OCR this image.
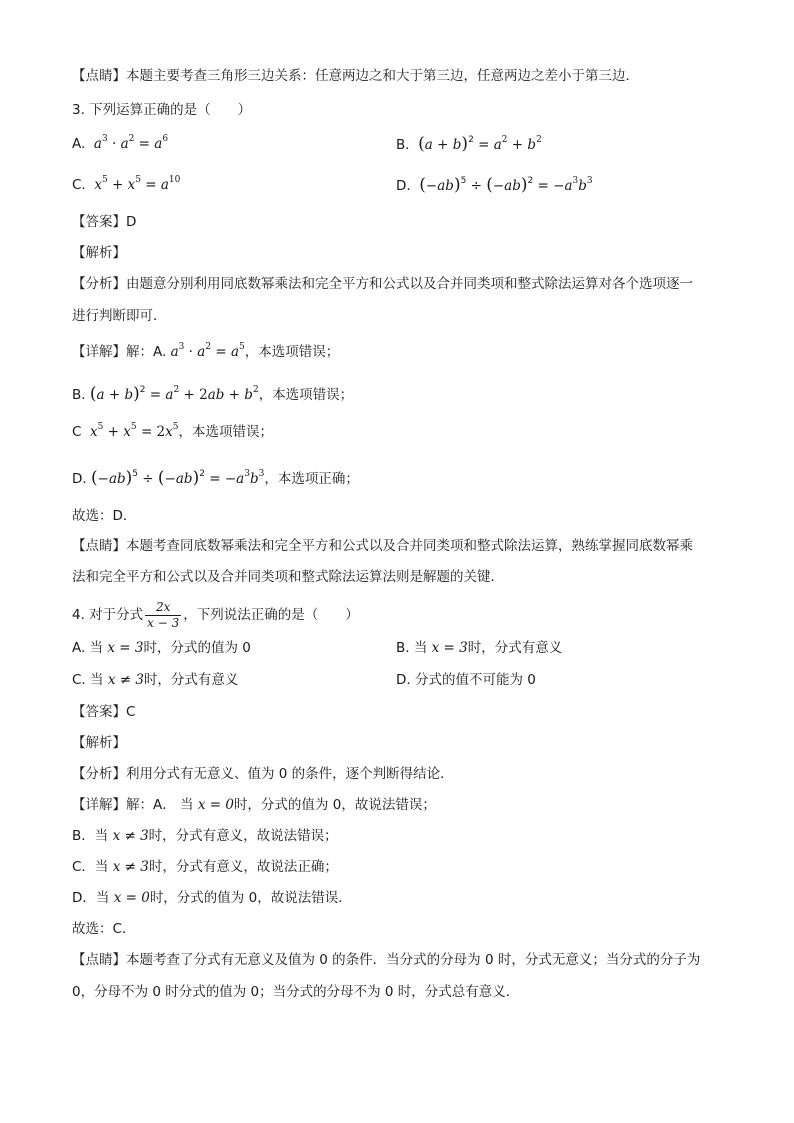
【点睛】本题主要考查三角形三边关系：任意两边之和大于第三边，任意两边之差小于第三边．
3. 下列运算正确的是（　　）
A. $a^3 \cdot a^2 = a^6$	B. $(a + b)^2 = a^2 + b^2$
C. $x^5 + x^5 = a^{10}$	D. $(-ab)^5 \div (-ab)^2 = -a^3b^3$
【答案】D
【解析】
【分析】由题意分别利用同底数幂乘法和完全平方和公式以及合并同类项和整式除法运算对各个选项逐一
进行判断即可．
【详解】解：A. $a^3 \cdot a^2 = a^5$，本选项错误；
B. $(a + b)^2 = a^2 + 2ab + b^2$，本选项错误；
C $x^5 + x^5 = 2x^5$，本选项错误；
D. $(-ab)^5 \div (-ab)^2 = -a^3b^3$，本选项正确；
故选：D．
【点睛】本题考查同底数幂乘法和完全平方和公式以及合并同类项和整式除法运算，熟练掌握同底数幂乘
法和完全平方和公式以及合并同类项和整式除法运算法则是解题的关键．
4. 对于分式 $\frac{2x}{x - 3}$ ，下列说法正确的是（　　）
A. 当 x = 3时，分式的值为 0	B. 当 x = 3时，分式有意义
C. 当 x ≠ 3时，分式有意义	D. 分式的值不可能为 0
【答案】C
【解析】
【分析】利用分式有无意义、值为 0 的条件，逐个判断得结论．
【详解】解：A． 当 x = 0时，分式的值为 0，故说法错误；
B．当 x ≠ 3时，分式有意义，故说法错误；
C．当 x ≠ 3时，分式有意义，故说法正确；
D．当 x = 0时，分式的值为 0，故说法错误．
故选：C．
【点睛】本题考查了分式有无意义及值为 0 的条件．当分式的分母为 0 时，分式无意义；当分式的分子为
0，分母不为 0 时分式的值为 0；当分式的分母不为 0 时，分式总有意义．
